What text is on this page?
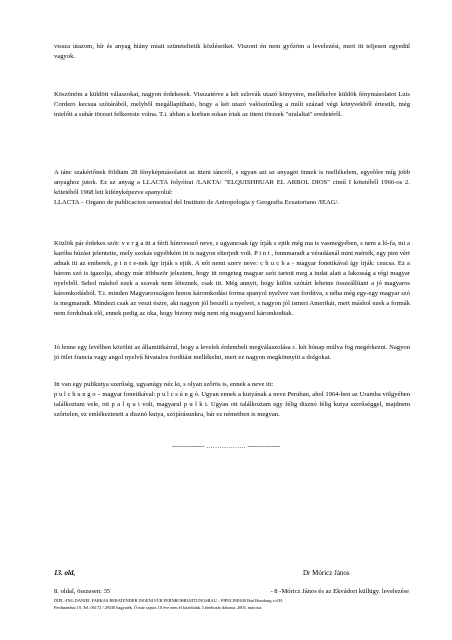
vissza utazom, hír és anyag hiány miatt szüneteltetik közléseiket. Viszont én nem győzöm a levelezést, mert itt teljesen egyedül vagyok.

Köszönöm a küldött válaszokat, nagyon érdekesek. Visszatérve a két szlovák utazó könyvére, mellékelve küldök fénymásolatot Luis Cordero kecsua szótárából, melyből megállapítható, hogy a két utazó valószínűleg a múlt század végi könyvekből értesült, még mielőtt a suhár törzset felkereste volna. T.i. abban a korban sokan írtak az itteni törzsek "uralaltai" eredetéről.

A tánc szakértőnek földtam 28 fényképmásolatot az itteni táncról, s ugyan azt az anyagot önnek is mellékelem, egyelőre míg jobb anyaghoz jutok. Ez az anyag a LLACTA folyóirat /LAKTA/ "ELQUISHHUAR EL ARBOL DIOS" cimű I kötetéből 1966-os 2. kötetéből 1968 lett kifényképezve spanyolul:

LLACTA – Organo de publicacion semestral del Instituto de Antropologia y Geografia Ecuatoriano /IEAG/.

Közlök pár érdekes szót: v e r g a itt a férfi hímvessző neve, s ugyancsak így írják s ejtik még ma is vasmegyében, s nem a ló-fa, mi a karóba húzást jelentette, mely szokás egyébként itt is nagyon elterjedt volt. P i n t , fennmaradt a véradásnál mint mérték, egy pint vért adnak itt az emberek, p i n t e-nek így írják s ejtik. A női nemi szerv neve: c h u c h a - magyar fonetikával így írják: csucsa. Ez a három szó is igazolja, ahogy már többször jeleztem, hogy itt rengeteg magyar szót tartott meg a tudat alatt a lakosság a régi magyar nyelvből. Sehol máshol ezek a szavak nem léteznek, csak itt. Még annyit, hogy külön szótárt lehetne összeállítani a jó magyaros káromkodásból. T.i. minden Magyarországon honos káromkodási forma spanyol nyelvre van fordítva, s néha még egy-egy magyar szó is megmaradt. Mindezt csak az veszi észre, aki nagyon jól beszéli a nyelvet, s nagyon jól ismeri Amerikát, mert máshol ezek a formák nem fordulnak elő, ennek pedig az oka, hogy bizony még nem rég magyarul káromkodtak.

Jó lenne egy levélben közölni az államtitkárral, hogy a levelek érdembeli megválaszolása c. két hónap múlva fog megérkezni. Nagyon jó ötlet francia vagy angol nyelvű hivatalos fordítást mellékelni, mert ez nagyon megkönnyíti a dolgokat.

Itt van egy pulikutya szerűség, ugyanúgy néz ki, s olyan szőrös is, ennek a neve itt:

p u l c h u n g o – magyar fonetikával: p u l c s ú n g ó. Ugyan ennek a kutyának a neve Peruban, ahol 1964-ben az Uramba völgyében találkoztam vele, ott p a l q u i volt, magyarul p u l k i. Ugyan ott találkoztam egy félig disznó félig kutya szerűséggel, majdnem szőrtelen, ez emlékeztetett a disznó kutya, szójárásunkra, bár ez németben is megvan.

--------------- ……………… ---------------
13. old,	Dr Móricz János
8. oldal, összesen: 35	- 8 -Móricz János és az Ekvádori küllügy. levelezése
DIPL.-ING DANIEL FARKAS BERATENDER INGENI FÜR FERNROHRLEITUNGSBAU – PIPELINE638 Bad Homburg v.d.H.
Ferdinandstr.19, Tel. 06172 / 29330 hagyaték. Ó már sajnos 10 éve nem él közöttünk. Létrehozás dátuma: 2003. március
